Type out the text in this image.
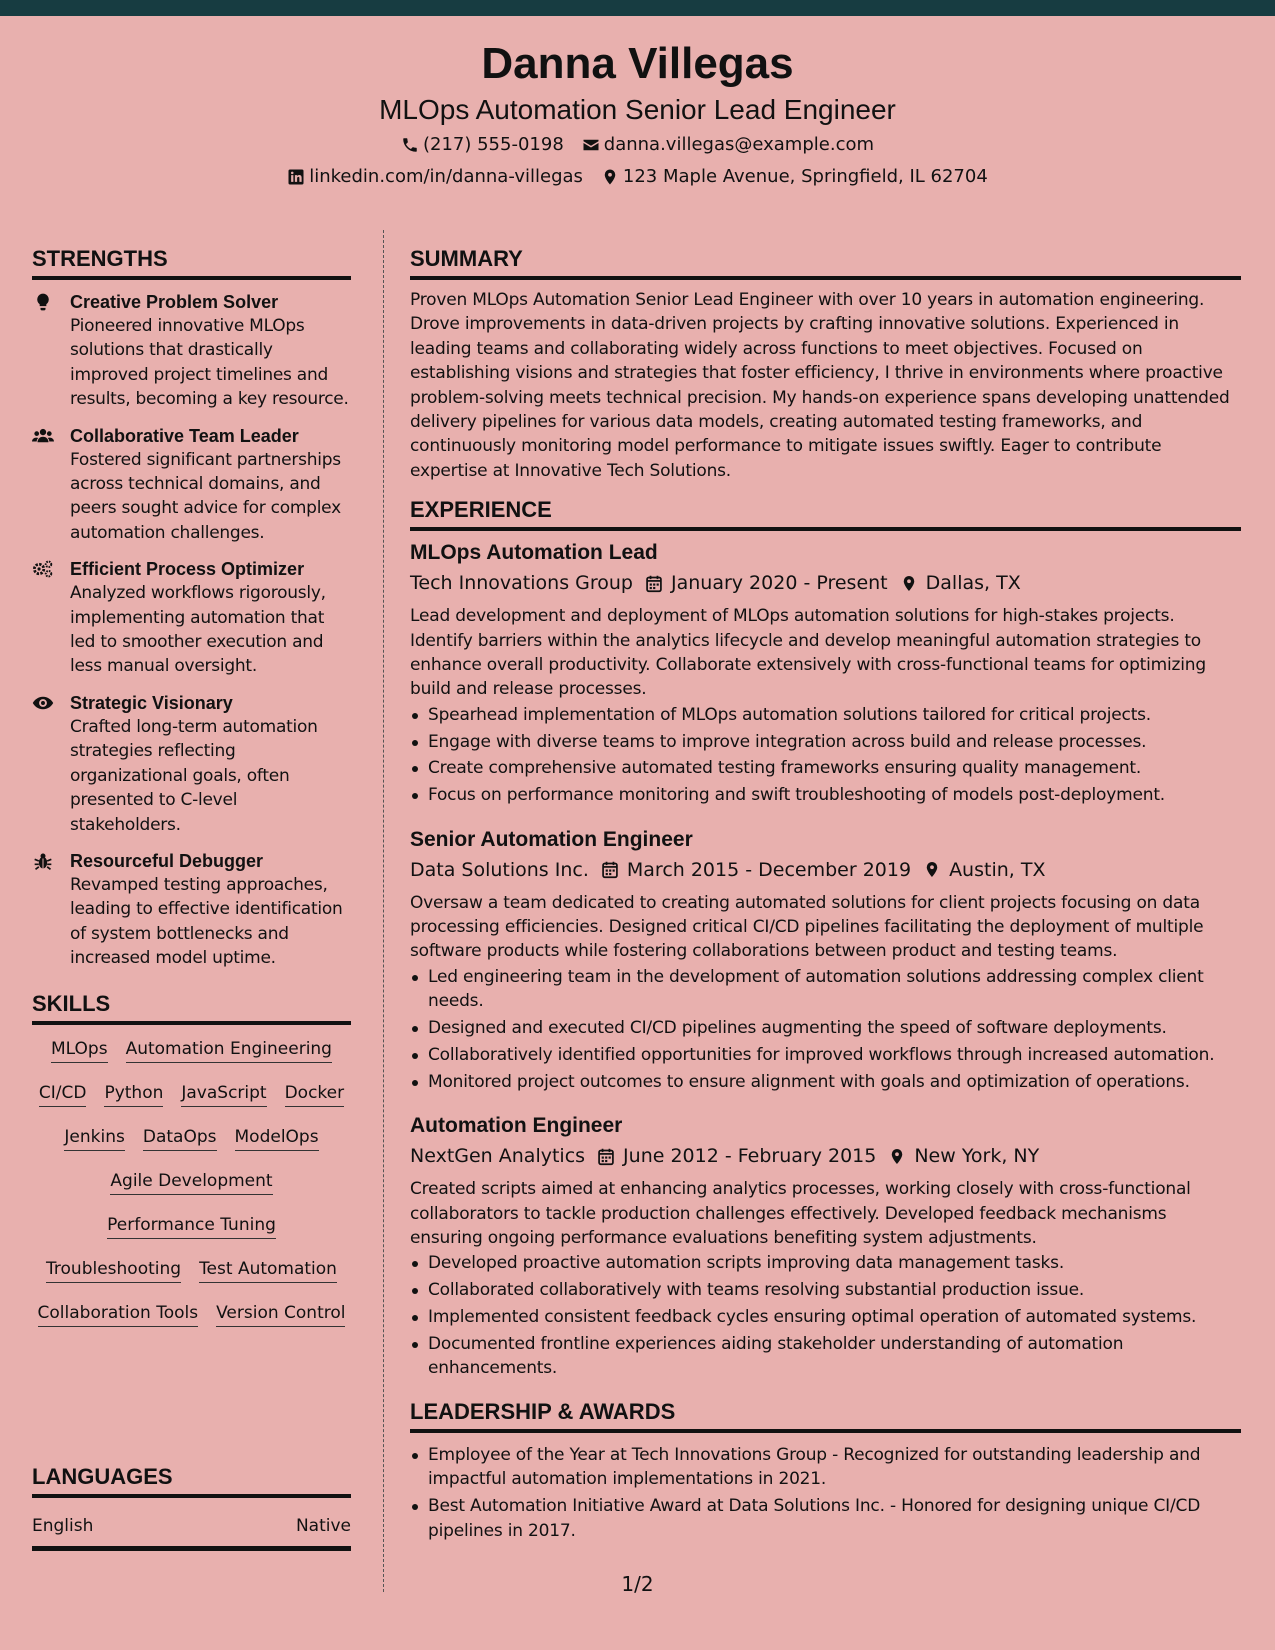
Danna Villegas
MLOps Automation Senior Lead Engineer
(217) 555-0198 danna.villegas@example.com
linkedin.com/in/danna-villegas 123 Maple Avenue, Springfield, IL 62704
STRENGTHS
Creative Problem Solver
Pioneered innovative MLOps solutions that drastically improved project timelines and results, becoming a key resource.
Collaborative Team Leader
Fostered significant partnerships across technical domains, and peers sought advice for complex automation challenges.
Efficient Process Optimizer
Analyzed workflows rigorously, implementing automation that led to smoother execution and less manual oversight.
Strategic Visionary
Crafted long-term automation strategies reflecting organizational goals, often presented to C-level stakeholders.
Resourceful Debugger
Revamped testing approaches, leading to effective identification of system bottlenecks and increased model uptime.
SKILLS
MLOps Automation Engineering
CI/CD Python JavaScript Docker
Jenkins DataOps ModelOps
Agile Development
Performance Tuning
Troubleshooting Test Automation
Collaboration Tools Version Control
LANGUAGES
English	Native
SUMMARY
Proven MLOps Automation Senior Lead Engineer with over 10 years in automation engineering. Drove improvements in data-driven projects by crafting innovative solutions. Experienced in leading teams and collaborating widely across functions to meet objectives. Focused on establishing visions and strategies that foster efficiency, I thrive in environments where proactive problem-solving meets technical precision. My hands-on experience spans developing unattended delivery pipelines for various data models, creating automated testing frameworks, and continuously monitoring model performance to mitigate issues swiftly. Eager to contribute expertise at Innovative Tech Solutions.
EXPERIENCE
MLOps Automation Lead
Tech Innovations Group January 2020 - Present Dallas, TX
Lead development and deployment of MLOps automation solutions for high-stakes projects. Identify barriers within the analytics lifecycle and develop meaningful automation strategies to enhance overall productivity. Collaborate extensively with cross-functional teams for optimizing build and release processes.
Spearhead implementation of MLOps automation solutions tailored for critical projects.
Engage with diverse teams to improve integration across build and release processes.
Create comprehensive automated testing frameworks ensuring quality management.
Focus on performance monitoring and swift troubleshooting of models post-deployment.
Senior Automation Engineer
Data Solutions Inc. March 2015 - December 2019 Austin, TX
Oversaw a team dedicated to creating automated solutions for client projects focusing on data processing efficiencies. Designed critical CI/CD pipelines facilitating the deployment of multiple software products while fostering collaborations between product and testing teams.
Led engineering team in the development of automation solutions addressing complex client needs.
Designed and executed CI/CD pipelines augmenting the speed of software deployments.
Collaboratively identified opportunities for improved workflows through increased automation.
Monitored project outcomes to ensure alignment with goals and optimization of operations.
Automation Engineer
NextGen Analytics June 2012 - February 2015 New York, NY
Created scripts aimed at enhancing analytics processes, working closely with cross-functional collaborators to tackle production challenges effectively. Developed feedback mechanisms ensuring ongoing performance evaluations benefiting system adjustments.
Developed proactive automation scripts improving data management tasks.
Collaborated collaboratively with teams resolving substantial production issue.
Implemented consistent feedback cycles ensuring optimal operation of automated systems.
Documented frontline experiences aiding stakeholder understanding of automation enhancements.
LEADERSHIP & AWARDS
Employee of the Year at Tech Innovations Group - Recognized for outstanding leadership and impactful automation implementations in 2021.
Best Automation Initiative Award at Data Solutions Inc. - Honored for designing unique CI/CD pipelines in 2017.
1/2
